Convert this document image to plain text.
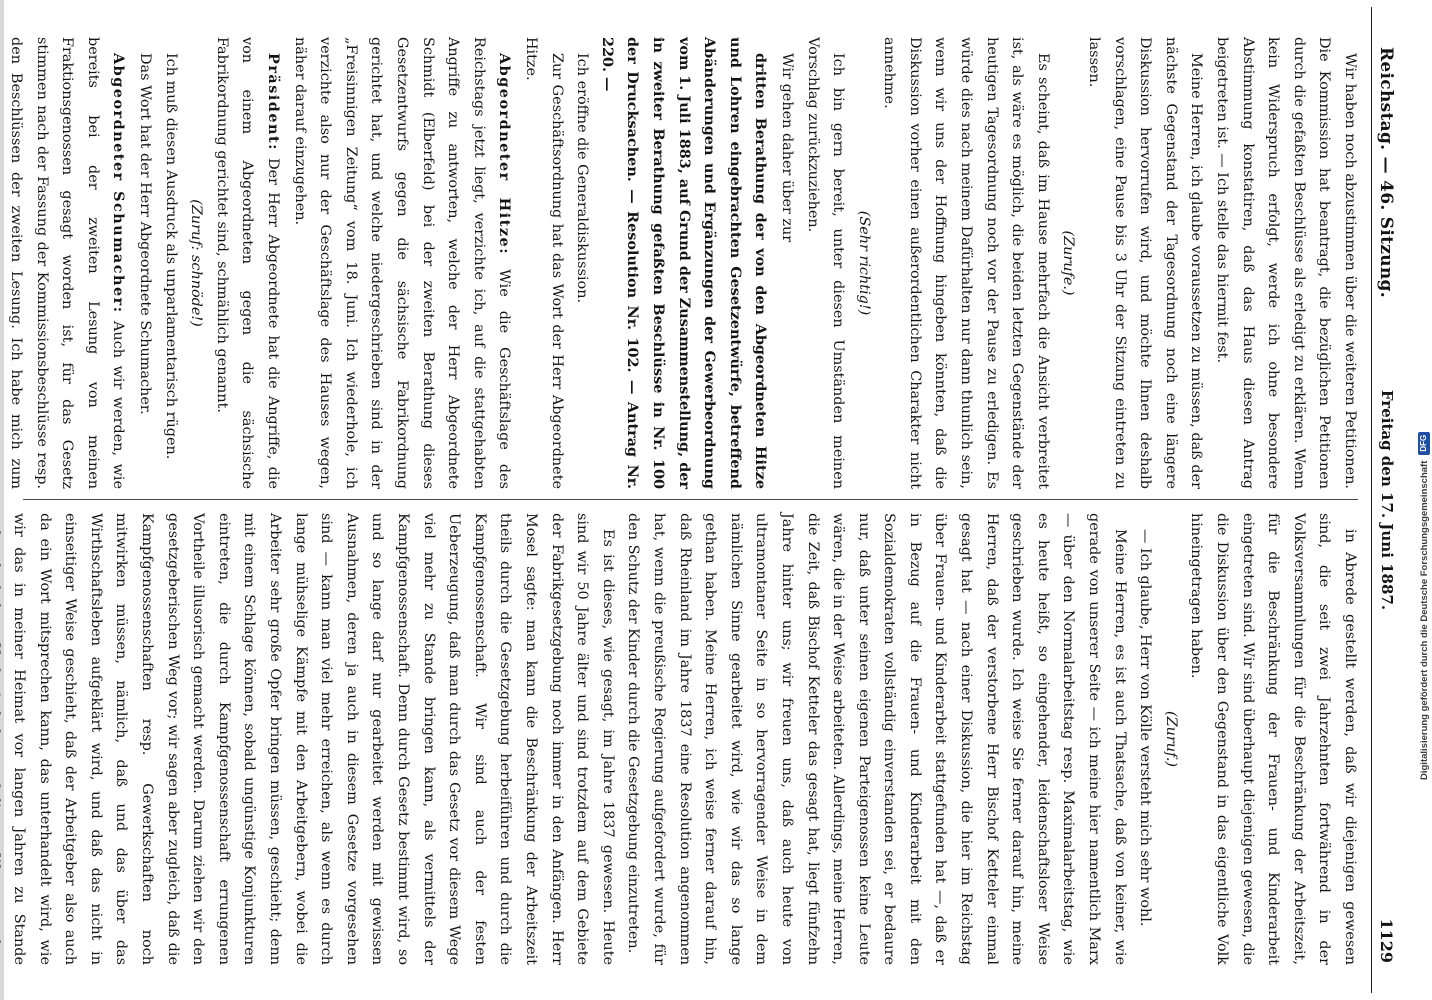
Reichstag. — 46. Sitzung.
Freitag den 17. Juni 1887.
1129

Wir haben noch abzustimmen über die weiteren Petitionen. Die Kommission hat beantragt, die bezüglichen Petitionen durch die gefaßten Beschlüsse als erledigt zu erklären. Wenn kein Widerspruch erfolgt, werde ich ohne besondere Abstimmung konstatiren, daß das Haus diesen Antrag beigetreten ist. — Ich stelle das hiermit fest.

Meine Herren, ich glaube voraussetzen zu müssen, daß der nächste Gegenstand der Tagesordnung noch eine längere Diskussion hervorrufen wird, und möchte Ihnen deshalb vorschlagen, eine Pause bis 3 Uhr der Sitzung eintreten zu lassen.

(Zurufe.)

Es scheint, daß im Hause mehrfach die Ansicht verbreitet ist, als wäre es möglich, die beiden letzten Gegenstände der heutigen Tagesordnung noch vor der Pause zu erledigen. Es würde dies nach meinem Dafürhalten nur dann thunlich sein, wenn wir uns der Hoffnung hingeben könnten, daß die Diskussion vorher einen außerordentlichen Charakter nicht annehme.

(Sehr richtig!)

Ich bin gern bereit, unter diesen Umständen meinen Vorschlag zurückzuziehen.

Wir gehen daher über zur

dritten Berathung der von den Abgeordneten Hitze und Lohren eingebrachten Gesetzentwürfe, betreffend Abänderungen und Ergänzungen der Gewerbeordnung vom 1. Juli 1883, auf Grund der Zusammenstellung, der in zweiter Berathung gefaßten Beschlüsse in Nr. 100 der Drucksachen. — Resolution Nr. 102. — Antrag Nr. 220. —

Ich eröffne die Generaldiskussion.

Zur Geschäftsordnung hat das Wort der Herr Abgeordnete Hitze.

Abgeordneter Hitze: Wie die Geschäftslage des Reichstags jetzt liegt, verzichte ich, auf die stattgehabten Angriffe zu antworten, welche der Herr Abgeordnete Schmidt (Elberfeld) bei der zweiten Berathung dieses Gesetzentwurfs gegen die sächsische Fabrikordnung gerichtet hat, und welche niedergeschrieben sind in der „Freisinnigen Zeitung“ vom 18. Juni. Ich wiederhole, ich verzichte also nur der Geschäftslage des Hauses wegen, näher darauf einzugehen.

Präsident: Der Herr Abgeordnete hat die Angriffe, die von einem Abgeordneten gegen die sächsische Fabrikordnung gerichtet sind, schmählich genannt.

(Zuruf: schnöde!)

Ich muß diesen Ausdruck als unparlamentarisch rügen.

Das Wort hat der Herr Abgeordnete Schumacher.

Abgeordneter Schumacher: Auch wir werden, wie bereits bei der zweiten Lesung von meinen Fraktionsgenossen gesagt worden ist, für das Gesetz stimmen nach der Fassung der Kommissionsbeschlüsse resp. den Beschlüssen der zweiten Lesung. Ich habe mich zum

in Abrede gestellt werden, daß wir diejenigen gewesen sind, die seit zwei Jahrzehnten fortwährend in der Volksversammlungen für die Beschränkung der Arbeitszeit, für die Beschränkung der Frauen- und Kinderarbeit eingetreten sind. Wir sind überhaupt diejenigen gewesen, die die Diskussion über den Gegenstand in das eigentliche Volk hineingetragen haben.

(Zuruf.)

— Ich glaube, Herr von Kölle versteht mich sehr wohl.

Meine Herren, es ist auch Thatsache, daß von keiner, wie gerade von unserer Seite — ich meine hier namentlich Marx — über den Normalarbeitstag resp. Maximalarbeitstag, wie es heute heißt, so eingehender, leidenschaftsloser Weise geschrieben wurde. Ich weise Sie ferner darauf hin, meine Herren, daß der verstorbene Herr Bischof Ketteler einmal gesagt hat — nach einer Diskussion, die hier im Reichstag über Frauen- und Kinderarbeit stattgefunden hat —, daß er in Bezug auf die Frauen- und Kinderarbeit mit den Sozialdemokraten vollständig einverstanden sei, er bedaure nur, daß unter seinen eigenen Parteigenossen keine Leute wären, die in der Weise arbeiteten. Allerdings, meine Herren, die Zeit, daß Bischof Ketteler das gesagt hat, liegt fünfzehn Jahre hinter uns; wir freuen uns, daß auch heute von ultramontaner Seite in so hervorragender Weise in dem nämlichen Sinne gearbeitet wird, wie wir das so lange gethan haben. Meine Herren, ich weise ferner darauf hin, daß Rheinland im Jahre 1837 eine Resolution angenommen hat, wenn die preußische Regierung aufgefordert wurde, für den Schutz der Kinder durch die Gesetzgebung einzutreten.

Es ist dieses, wie gesagt, im Jahre 1837 gewesen. Heute sind wir 50 Jahre älter und sind trotzdem auf dem Gebiete der Fabrikgesetzgebung noch immer in den Anfängen. Herr Mosel sagte: man kann die Beschränkung der Arbeitszeit theils durch die Gesetzgebung herbeiführen und durch die Kampfgenossenschaft. Wir sind auch der festen Ueberzeugung, daß man durch das Gesetz vor diesem Wege viel mehr zu Stande bringen kann, als vermittels der Kampfgenossenschaft. Denn durch Gesetz bestimmt wird, so und so lange darf nur gearbeitet werden mit gewissen Ausnahmen, deren ja auch in diesem Gesetze vorgesehen sind — kann man viel mehr erreichen, als wenn es durch lange mühselige Kämpfe mit den Arbeitgebern, wobei die Arbeiter sehr große Opfer bringen müssen, geschieht; denn mit einem Schlage können, sobald ungünstige Konjunkturen eintreten, die durch Kampfgenossenschaft errungenen Vortheile illusorisch gemacht werden. Darum ziehen wir den gesetzgeberischen Weg vor; wir sagen aber zugleich, daß die Kampfgenossenschaften resp. Gewerkschaften noch mitwirken müssen, nämlich, daß und das über das Wirthschaftsleben aufgeklärt wird, und daß das nicht in einseitiger Weise geschieht, daß der Arbeitgeber also auch da ein Wort mitsprechen kann, das unterhandelt wird, wie wir das in meiner Heimat vor langen Jahren zu Stande

Digitalisierung gefördert durch die Deutsche Forschungsgemeinschaft
DFG
